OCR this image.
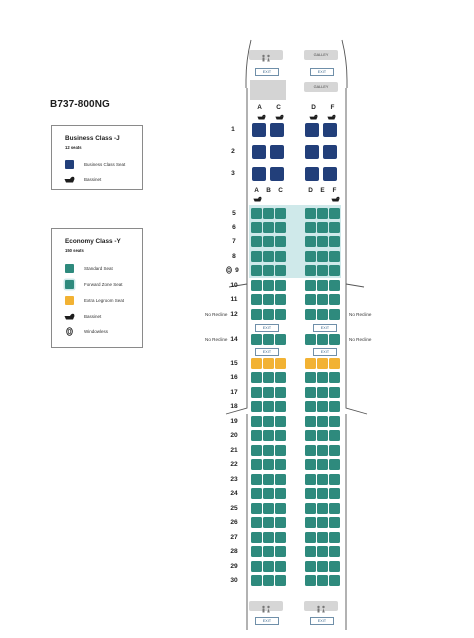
B737-800NG
Business Class -J
12 seats
Business Class Seat
Bassinet
Economy Class -Y
150 seats
Standard Seat
Forward Zone Seat
Extra Legroom Seat
Bassinet
Windowless
GALLEY
EXIT	EXIT
GALLEY
A	C	D	F
1
2
3
A	B	C	D	E	F
5
6
7
8
9
10
11
12
No Recline	No Recline
14
No Recline	No Recline
15
16
17
18
19
20
21
22
23
24
25
26
27
28
29
30
EXIT	EXIT
EXIT	EXIT
EXIT	EXIT
